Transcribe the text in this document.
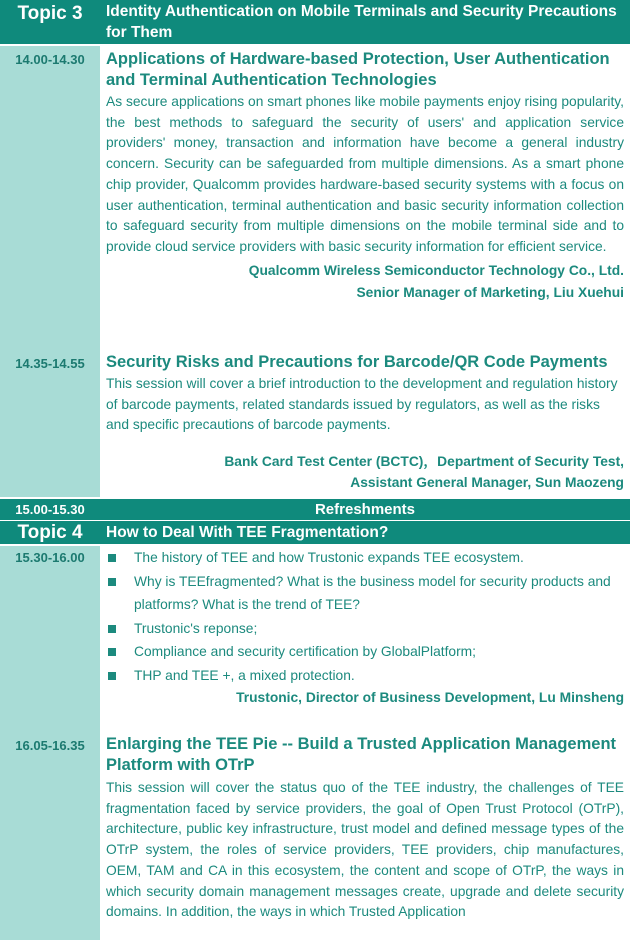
Topic 3	Identity Authentication on Mobile Terminals and Security Precautions for Them
14.00-14.30	Applications of Hardware-based Protection, User Authentication and Terminal Authentication Technologies
As secure applications on smart phones like mobile payments enjoy rising popularity, the best methods to safeguard the security of users' and application service providers' money, transaction and information have become a general industry concern. Security can be safeguarded from multiple dimensions. As a smart phone chip provider, Qualcomm provides hardware-based security systems with a focus on user authentication, terminal authentication and basic security information collection to safeguard security from multiple dimensions on the mobile terminal side and to provide cloud service providers with basic security information for efficient service.
Qualcomm Wireless Semiconductor Technology Co., Ltd.
Senior Manager of Marketing, Liu Xuehui
14.35-14.55	Security Risks and Precautions for Barcode/QR Code Payments
This session will cover a brief introduction to the development and regulation history of barcode payments, related standards issued by regulators, as well as the risks and specific precautions of barcode payments.
Bank Card Test Center (BCTC)，Department of Security Test,
Assistant General Manager, Sun Maozeng
15.00-15.30	Refreshments
Topic 4	How to Deal With TEE Fragmentation?
15.30-16.00	The history of TEE and how Trustonic expands TEE ecosystem.
Why is TEEfragmented? What is the business model for security products and platforms? What is the trend of TEE?
Trustonic's reponse;
Compliance and security certification by GlobalPlatform;
THP and TEE +, a mixed protection.
Trustonic, Director of Business Development, Lu Minsheng
16.05-16.35	Enlarging the TEE Pie -- Build a Trusted Application Management Platform with OTrP
This session will cover the status quo of the TEE industry, the challenges of TEE fragmentation faced by service providers, the goal of Open Trust Protocol (OTrP), architecture, public key infrastructure, trust model and defined message types of the OTrP system, the roles of service providers, TEE providers, chip manufactures, OEM, TAM and CA in this ecosystem, the content and scope of OTrP, the ways in which security domain management messages create, upgrade and delete security domains. In addition, the ways in which Trusted Application
